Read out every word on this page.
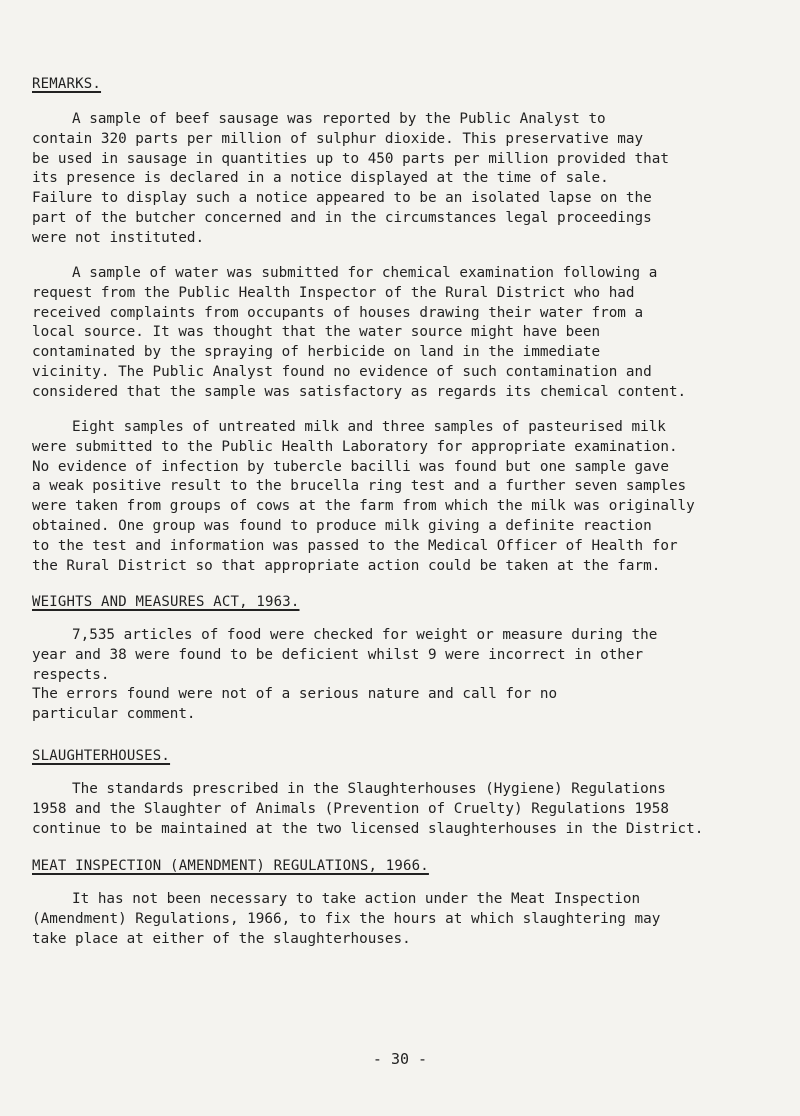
REMARKS.
A sample of beef sausage was reported by the Public Analyst to
contain 320 parts per million of sulphur dioxide. This preservative may
be used in sausage in quantities up to 450 parts per million provided that
its presence is declared in a notice displayed at the time of sale.
Failure to display such a notice appeared to be an isolated lapse on the
part of the butcher concerned and in the circumstances legal proceedings
were not instituted.
A sample of water was submitted for chemical examination following a
request from the Public Health Inspector of the Rural District who had
received complaints from occupants of houses drawing their water from a
local source. It was thought that the water source might have been
contaminated by the spraying of herbicide on land in the immediate
vicinity. The Public Analyst found no evidence of such contamination and
considered that the sample was satisfactory as regards its chemical content.
Eight samples of untreated milk and three samples of pasteurised milk
were submitted to the Public Health Laboratory for appropriate examination.
No evidence of infection by tubercle bacilli was found but one sample gave
a weak positive result to the brucella ring test and a further seven samples
were taken from groups of cows at the farm from which the milk was originally
obtained. One group was found to produce milk giving a definite reaction
to the test and information was passed to the Medical Officer of Health for
the Rural District so that appropriate action could be taken at the farm.
WEIGHTS AND MEASURES ACT, 1963.
7,535 articles of food were checked for weight or measure during the
year and 38 were found to be deficient whilst 9 were incorrect in other
respects.
The errors found were not of a serious nature and call for no
particular comment.
SLAUGHTERHOUSES.
The standards prescribed in the Slaughterhouses (Hygiene) Regulations
1958 and the Slaughter of Animals (Prevention of Cruelty) Regulations 1958
continue to be maintained at the two licensed slaughterhouses in the District.
MEAT INSPECTION (AMENDMENT) REGULATIONS, 1966.
It has not been necessary to take action under the Meat Inspection
(Amendment) Regulations, 1966, to fix the hours at which slaughtering may
take place at either of the slaughterhouses.
- 30 -
